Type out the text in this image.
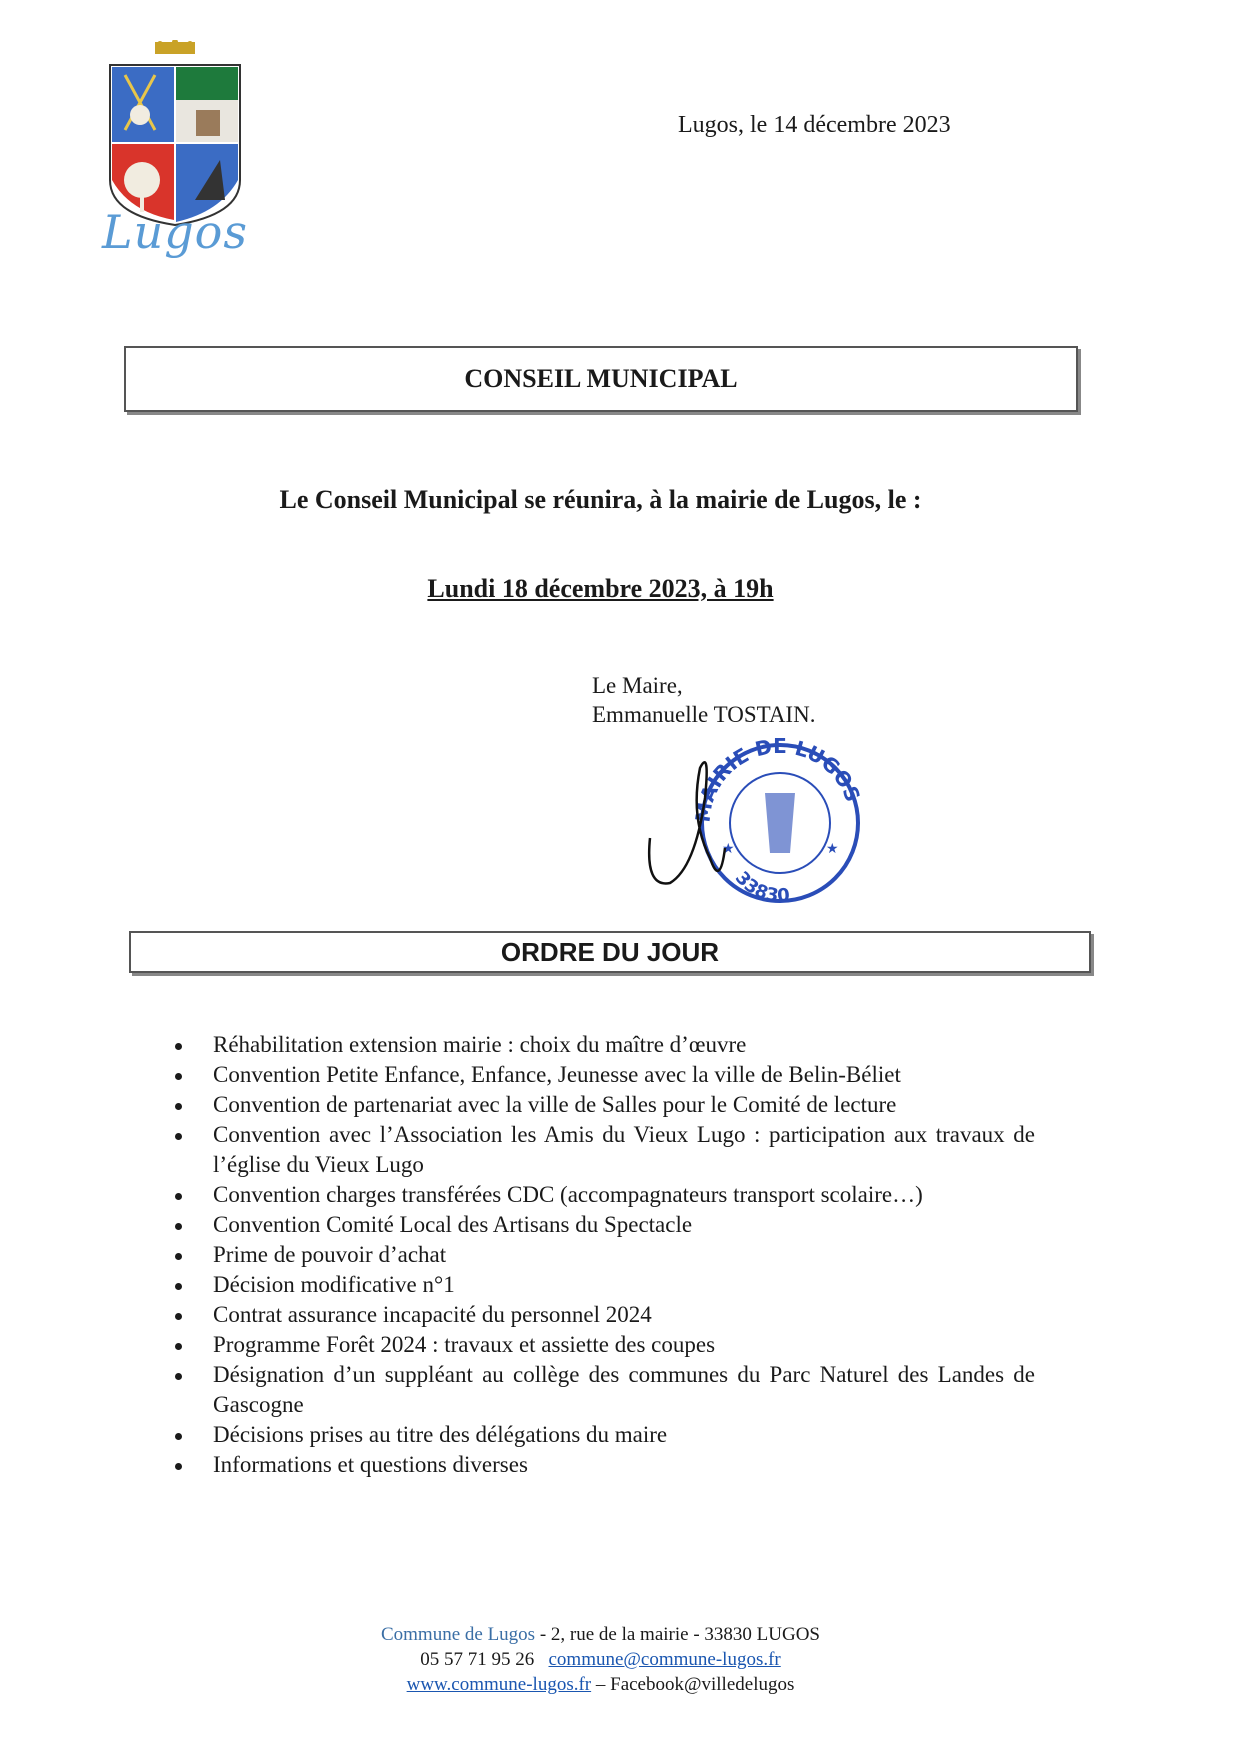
Lugos
Lugos, le 14 décembre 2023
CONSEIL MUNICIPAL
Le Conseil Municipal se réunira, à la mairie de Lugos, le :
Lundi 18 décembre 2023, à 19h
Le Maire,
Emmanuelle TOSTAIN.
MAIRIE DE LUGOS
33830
★	★
ORDRE DU JOUR
Réhabilitation extension mairie : choix du maître d’œuvre
Convention Petite Enfance, Enfance, Jeunesse avec la ville de Belin-Béliet
Convention de partenariat avec la ville de Salles pour le Comité de lecture
Convention avec l’Association les Amis du Vieux Lugo : participation aux travaux de l’église du Vieux Lugo
Convention charges transférées CDC (accompagnateurs transport scolaire…)
Convention Comité Local des Artisans du Spectacle
Prime de pouvoir d’achat
Décision modificative n°1
Contrat assurance incapacité du personnel 2024
Programme Forêt 2024 : travaux et assiette des coupes
Désignation d’un suppléant au collège des communes du Parc Naturel des Landes de Gascogne
Décisions prises au titre des délégations du maire
Informations et questions diverses
Commune de Lugos - 2, rue de la mairie - 33830 LUGOS
05 57 71 95 26 commune@commune-lugos.fr
www.commune-lugos.fr – Facebook@villedelugos
